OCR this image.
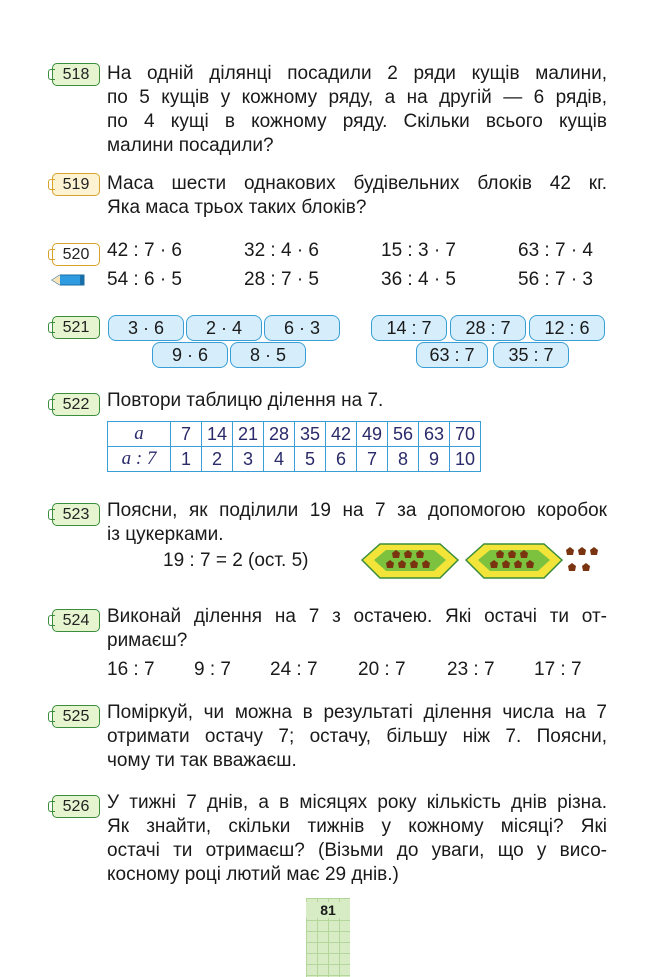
518 На одній ділянці посадили 2 ряди кущів малини,
по 5 кущів у кожному ряду, а на другій — 6 рядів,
по 4 кущі в кожному ряду. Скільки всього кущів
малини посадили?
519 Маса шести однакових будівельних блоків 42 кг.
Яка маса трьох таких блоків?
520 42 : 7 · 6	32 : 4 · 6	15 : 3 · 7	63 : 7 · 4
54 : 6 · 5	28 : 7 · 5	36 : 4 · 5	56 : 7 · 3
521	3 · 6	2 · 4	6 · 3
9 · 6	8 · 5
14 : 7	28 : 7	12 : 6
63 : 7	35 : 7
522 Повтори таблицю ділення на 7.
a	7	14	21	28	35	42	49	56	63	70
a : 7	1	2	3	4	5	6	7	8	9	10
523 Поясни, як поділили 19 на 7 за допомогою коробок
із цукерками.
19 : 7 = 2 (ост. 5)
524 Виконай ділення на 7 з остачею. Які остачі ти от-
римаєш?
16 : 7	9 : 7	24 : 7	20 : 7	23 : 7	17 : 7
525 Поміркуй, чи можна в результаті ділення числа на 7
отримати остачу 7; остачу, більшу ніж 7. Поясни,
чому ти так вважаєш.
526 У тижні 7 днів, а в місяцях року кількість днів різна.
Як знайти, скільки тижнів у кожному місяці? Які
остачі ти отримаєш? (Візьми до уваги, що у висо-
косному році лютий має 29 днів.)
81
